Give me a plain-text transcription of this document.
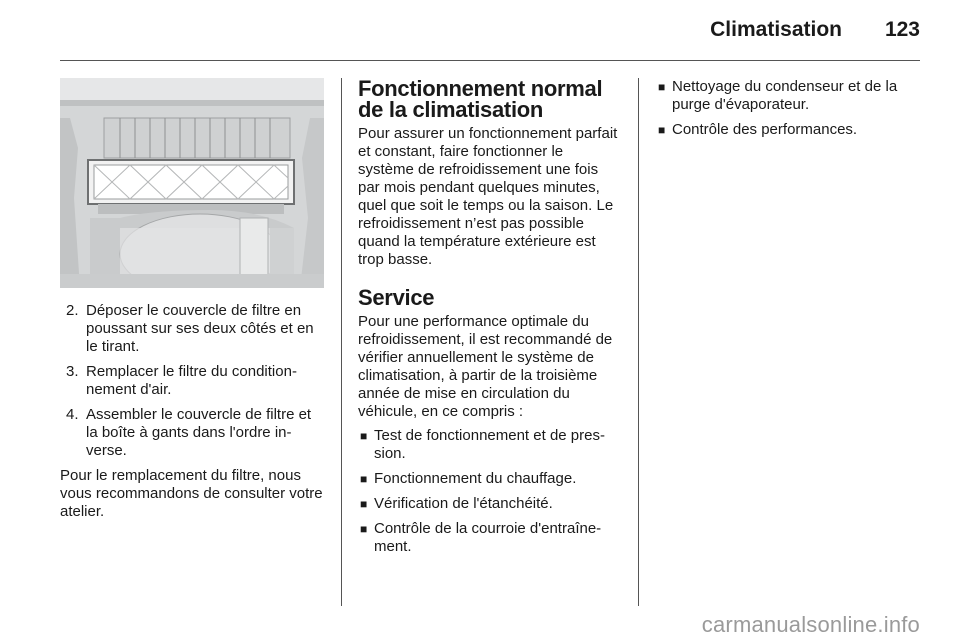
Climatisation 123
2. Déposer le couvercle de filtre en poussant sur ses deux côtés et en le tirant.
3. Remplacer le filtre du conditionnement d'air.
4. Assembler le couvercle de filtre et la boîte à gants dans l'ordre inverse.

Pour le remplacement du filtre, nous vous recommandons de consulter votre atelier.

Fonctionnement normal de la climatisation

Pour assurer un fonctionnement parfait et constant, faire fonctionner le système de refroidissement une fois par mois pendant quelques minutes, quel que soit le temps ou la saison. Le refroidissement n’est pas possible quand la température extérieure est trop basse.

Service

Pour une performance optimale du refroidissement, il est recommandé de vérifier annuellement le système de climatisation, à partir de la troisième année de mise en circulation du véhicule, en ce compris :

■ Test de fonctionnement et de pression.
■ Fonctionnement du chauffage.
■ Vérification de l'étanchéité.
■ Contrôle de la courroie d'entraînement.
■ Nettoyage du condenseur et de la purge d'évaporateur.
■ Contrôle des performances.
carmanualsonline.info
